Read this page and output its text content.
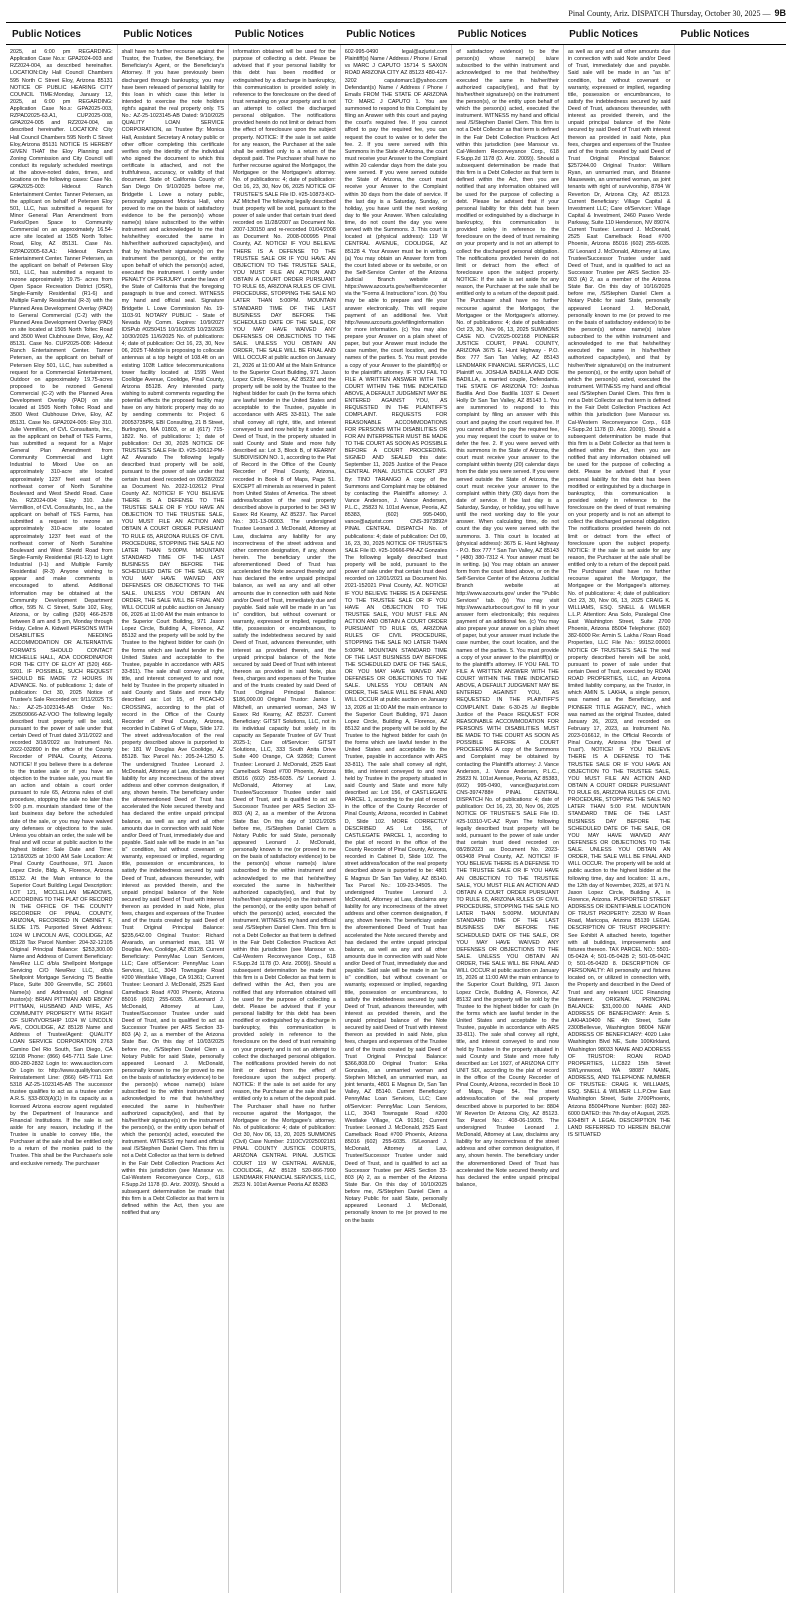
Pinal County, Ariz. DISPATCH Thursday, October 30, 2025 — 9B
Public Notices	Public Notices	Public Notices	Public Notices	Public Notices	Public Notices	Public Notices
2025, at 6:00 pm REGARDING: Application Case No.s: GPA2024-003 and RZ2024-004, as described hereinafter. LOCATION:City Hall Council Chambers 595 North C Street Eloy, Arizona 85131 NOTICE OF PUBLIC HEARING CITY COUNCIL TIME:Monday, January 12, 2025, at 6:00 pm REGARDING: Application Case No.s: GPA2025-003, RZPAD2025-63.A1, CUP2025-008, GPA2024-005 and RZ2024-004, as described hereinafter. LOCATION: City Hall Council Chambers 595 North C Street Eloy,Arizona 85131 NOTICE IS HEREBY GIVEN THAT the Eloy Planning and Zoning Commission and City Council will conduct its regularly scheduled meetings at the above-noted dates, times, and locations on the following cases: Case No. GPA2025-003: Hideout Ranch Entertainment Center. Tanner Petersen, as the applicant on behalf of Petersen Eloy 501, LLC, has submitted a request for Minor General Plan Amendment from Parks/Open Space to Community Commercial on an approximately 16.54-acre site located at 1505 North Toltec Road, Eloy, AZ 85131. Case No. RZPAD2005-63.A1: Hideout Ranch Entertainment Center. Tanner Petersen, as the applicant on behalf of Petersen Eloy 501, LLC, has submitted a request to rezone approximately 19.75- acres from Open Space Recreation District (OSR), Single-Family Residential (R1-6) and Multiple Family Residential (R-3) with the Planned Area Development Overlay (PAD) to General Commercial (C-2) with the Planned Area Development Overlay (PAD) on site located at 1505 North Toltec Road and 3500 West Clubhouse Drive, Eloy, AZ 85131. Case No. CUP2025-008: Hideout Ranch Entertainment Center. Tanner Petersen, as the applicant on behalf of Petersen Eloy 501, LLC, has submitted a request for a Commercial Entertainment, Outdoor on approximately 19.75-acres proposed to be rezoned General Commercial (C-2) with the Planned Area Development Overlay (PAD) on site located at 1505 North Toltec Road and 3500 West Clubhouse Drive, Eloy, AZ 85131. Case No. GPA2024-005: Eloy 310. Julie Vermillion, of CVL Consultants, Inc., as the applicant on behalf of TES Farms, has submitted a request for a Major General Plan Amendment from Community Commercial and Light Industrial to Mixed Use on an approximately 310-acre site located approximately 1237 feet east of the northeast corner of North Sunshine Boulevard and West Shedd Road. Case No. RZ2024-004: Eloy 310. Julie Vermillion, of CVL Consultants, Inc., as the applicant on behalf of TES Farms, has submitted a request to rezone an approximately 310-acre site located approximately 1237 feet east of the northeast corner of North Sunshine Boulevard and West Shedd Road from Single-Family Residential (R1-12) to Light Industrial (I-1) and Multiple Family Residential (R-3) Anyone wishing to appear and make comments is encouraged to attend. Additional information may be obtained at the Community Development Department office, 595 N. C Street, Suite 102, Eloy, Arizona, or by calling (520) 466-2578 between 8 am and 5 pm, Monday through Friday. Celine A. Kidwell PERSONS WITH DISABILITIES NEEDING ACCOMMODATION OR ALTERNATIVE FORMATS SHOULD CONTACT MICHELLE HALL, ADA COORDINATOR FOR THE CITY OF ELOY AT (520) 466-9201. IF POSSIBLE, SUCH REQUEST SHOULD BE MADE 72 HOURS IN ADVANCE. No. of publications: 1; date of publication: Oct 30, 2025 Notice of Trustee's Sale Recorded on: 9/11/2025 TS No.: AZ-25-1023145-AB Order No.: 250509066-AZ-VOO The following legally described trust property will be sold, pursuant to the power of sale under that certain Deed of Trust dated 3/11/2022 and recorded 3/18/2022 as Instrument No. 2022-032890 in the office of the County Recorder of PINAL County, Arizona. NOTICE! If you believe there is a defense to the trustee sale or if you have an objection to the trustee sale, you must file an action and obtain a court order pursuant to rule 65, Arizona rules of civil procedure, stopping the sale no later than 5:00 p.m. mountain standard time of the last business day before the scheduled date of the sale, or you may have waived any defenses or objections to the sale. Unless you obtain an order, the sale will be final and will occur at public auction to the highest bidder: Sale Date and Time: 12/18/2025 at 10:00 AM Sale Location: At Pinal County Courthouse, 971 Jason Lopez Circle, Bldg. A, Florence, Arizona 85132. At the Main entrance to the Superior Court Building Legal Description: LOT 121, MCCLELLAN MEADOWS, ACCORDING TO THE PLAT OF RECORD IN THE OFFICE OF THE COUNTY RECORDER OF PINAL COUNTY, ARIZONA, RECORDED IN CABINET F, SLIDE 175. Purported Street Address: 1024 W LINCOLN AVE, COOLIDGE, AZ 85128 Tax Parcel Number: 204-32-12105 Original Principal Balance: $253,300.00 Name and Address of Current Beneficiary: NewRez LLC d/b/a Shellpoint Mortgage Servicing C/O NewRez LLC, d/b/a Shellpoint Mortgage Servicing 75 Beattie Place, Suite 300 Greenville, SC 29601 Name(s) and Address(s) of Original trustor(s): BRIAN PITTMAN AND EBONY PITTMAN, HUSBAND AND WIFE, AS COMMUNITY PROPERTY WITH RIGHT OF SURVIVORSHIP 1024 W LINCOLN AVE, COOLIDGE, AZ 85128 Name and Address of Trustee/Agent: QUALITY LOAN SERVICE CORPORATION 2763 Camino Del Rio South, San Diego, CA 92108 Phone: (866) 645-7711 Sale Line: 800-280-2832 Login to: www.auction.com Or Login to: http://www.qualityloan.com Reinstatement Line: (866) 645-7711 Ext 5318 AZ-25-1023145-AB The successor trustee qualifies to act as a trustee under A.R.S. §33-803(A)(1) in its capacity as a licensed Arizona escrow agent regulated by the Department of Insurance and Financial Institutions. If the sale is set aside for any reason, including if the Trustee is unable to convey title, the Purchaser at the sale shall be entitled only to a return of the monies paid to the Trustee. This shall be the Purchaser's sole and exclusive remedy. The purchaser
shall have no further recourse against the Trustor, the Trustee, the Beneficiary, the Beneficiary's Agent, or the Beneficiary's Attorney. If you have previously been discharged through bankruptcy, you may have been released of personal liability for this loan in which case this letter is intended to exercise the note holders right's against the real property only. TS No.: AZ-25-1023145-AB Dated: 9/10/2025 QUALITY LOAN SERVICE CORPORATION, as Trustee By: Monica Hall, Assistant Secretary A notary public or other officer completing this certificate verifies only the identity of the individual who signed the document to which this certificate is attached, and not the truthfulness, accuracy, or validity of that document. State of: California County of: San Diego On 9/10/2025 before me, Bridgette L Lowe a notary public, personally appeared Monica Hall, who proved to me on the basis of satisfactory evidence to be the person(s) whose name(s) is/are subscribed to the within instrument and acknowledged to me that he/she/they executed the same in his/her/their authorized capacity(ies), and that by his/her/their signature(s) on the instrument the person(s), or the entity upon behalf of which the person(s) acted, executed the instrument. I certify under PENALTY OF PERJURY under the laws of the State of California that the foregoing paragraph is true and correct. WITNESS my hand and official seal. Signature Bridgette L Lowe Commission No. 19-1103-91 NOTARY PUBLIC - State of Nevada My Comm. Expires: 10/9/2027 IDSPub #0250415 10/16/2025 10/23/2025 10/30/2025 11/6/2025 No. of publications: 4; date of publication: Oct 16, 23, 30, Nov 06, 2025 T-Mobile is proposing to collocate antennas at a top height of 108.4ft on an existing 103ft Lattice telecommunications tower facility located at 1595 West Coolidge Avenue, Coolidge, Pinal County, Arizona 85128. Any interested party wishing to submit comments regarding the potential effects the proposed facility may have on any historic property may do so by sending comments to: Project 6 20053735PR, EBI Consulting, 21 B Street, Burlington, MA 01803, or at (617) 715-1822. No. of publications: 1; date of publication: Oct 30, 2025 NOTICE OF TRUSTEE'S SALE File ID. #25-10612-PM-AZ Alvarado The following legally described trust property will be sold, pursuant to the power of sale under that certain trust deed recorded on 09/28/2022 as Document No. 2022-102612 Pinal County AZ. NOTICE! IF YOU BELIEVE THERE IS A DEFENSE TO THE TRUSTEE SALE OR IF YOU HAVE AN OBJECTION TO THE TRUSTEE SALE, YOU MUST FILE AN ACTION AND OBTAIN A COURT ORDER PURSUANT TO RULE 65, ARIZONA RULES OF CIVIL PROCEDURE, STOPPING THE SALE NO LATER THAN 5:00PM. MOUNTAIN STANDARD TIME OF THE LAST BUSINESS DAY BEFORE THE SCHEDULED DATE OF THE SALE, OR YOU MAY HAVE WAIVED ANY DEFENSES OR OBJECTIONS TO THE SALE. UNLESS YOU OBTAIN AN ORDER, THE SALE WILL BE FINAL AND WILL OCCUR at public auction on January 06, 2026 at 11:00 AM the main entrance to the Superior Court Building, 971 Jason Lopez Circle, Building A, Florence, AZ 85132 and the property will be sold by the Trustee to the highest bidder for cash (in the forms which are lawful tender in the United States and acceptable to the Trustee, payable in accordance with ARS 33-811). The sale shall convey all right, title, and interest conveyed to and now held by Trustee in the property situated in said County and State and more fully described as: Lot 15, of PICACHO CROSSING, according to the plat of record in the Office of the County Recorder of Pinal County, Arizona, recorded in Cabinet G of Maps, Slide 172. The street address/location of the real property described above is purported to be: 181 W Douglas Ave Coolidge, AZ 85128. Tax Parcel No.: 205-24-1250 5. The undersigned Trustee Leonard J. McDonald, Attorney at Law, disclaims any liability for any incorrectness of the street address and other common designation, if any, shown herein. The beneficiary under the aforementioned Deed of Trust has accelerated the Note secured thereby and has declared the entire unpaid principal balance, as well as any and all other amounts due in connection with said Note and/or Deed of Trust, immediately due and payable. Said sale will be made in an "as is" condition, but without covenant or warranty, expressed or implied, regarding title, possession or encumbrances, to satisfy the indebtedness secured by said Deed of Trust, advances thereunder, with interest as provided therein, and the unpaid principal balance of the Note secured by said Deed of Trust with interest thereon as provided in said Note, plus fees, charges and expenses of the Trustee and of the trusts created by said Deed of Trust Original Principal Balance: $235,642.00 Original Trustor: Richard Alvarado, an unmarried man, 181 W Douglas Ave, Coolidge, AZ 85128. Current Beneficiary: PennyMac Loan Services, LLC; Care of/Servicer: PennyMac Loan Services, LLC, 3043 Townsgate Road #200 Westlake Village, CA 91361; Current Trustee: Leonard J. McDonald, 2525 East Camelback Road #700 Phoenix, Arizona 85016 (602) 255-6035. /S/Leonard J. McDonald, Attorney at Law, Trustee/Successor Trustee under said Deed of Trust, and is qualified to act as Successor Trustee per ARS Section 33-803 (A) 2, as a member of the Arizona State Bar. On this day of 10/03/2025 before me, /S/Stephen Daniel Clem a Notary Public for said State, personally appeared Leonard J. McDonald, personally known to me (or proved to me on the basis of satisfactory evidence) to be the person(s) whose name(s) is/are subscribed to the within instrument and acknowledged to me that he/she/they executed the same in his/her/their authorized capacity(ies), and that by his/her/their signature(s) on the instrument the person(s), or the entity upon behalf of which the person(s) acted, executed the instrument. WITNESS my hand and official seal /S/Stephen Daniel Clem. This firm is not a Debt Collector as that term is defined in the Fair Debt Collection Practices Act within this jurisdiction (see Mansour vs. Cal-Western Reconveyance Corp., 618 F.Supp.2d 1178 (D. Ariz. 2009)). Should a subsequent determination be made that this firm is a Debt Collector as that term is defined within the Act, then you are notified that any
information obtained will be used for the purpose of collecting a debt. Please be advised that if your personal liability for this debt has been modified or extinguished by a discharge in bankruptcy, this communication is provided solely in reference to the foreclosure on the deed of trust remaining on your property and is not an attempt to collect the discharged personal obligation. The notifications provided herein do not limit or detract from the effect of foreclosure upon the subject property. NOTICE: If the sale is set aside for any reason, the Purchaser at the sale shall be entitled only to a return of the deposit paid. The Purchaser shall have no further recourse against the Mortgagor, the Mortgagee or the Mortgagee's attorney. No. of publications: 4; date of publication: Oct 16, 23, 30, Nov 06, 2025 NOTICE OF TRUSTEE'S SALE File ID. #25-10873-KO-AZ Mitchell The following legally described trust property will be sold, pursuant to the power of sale under that certain trust deed recorded on 11/28/2007 as Document No. 2007-130150 and re-recorded 01/04/2008 as Document No. 2008-000995 Pinal County, AZ. NOTICE! IF YOU BELIEVE THERE IS A DEFENSE TO THE TRUSTEE SALE OR IF YOU HAVE AN OBJECTION TO THE TRUSTEE SALE, YOU MUST FILE AN ACTION AND OBTAIN A COURT ORDER PURSUANT TO RULE 65, ARIZONA RULES OF CIVIL PROCEDURE, STOPPING THE SALE NO LATER THAN 5:00PM. MOUNTAIN STANDARD TIME OF THE LAST BUSINESS DAY BEFORE THE SCHEDULED DATE OF THE SALE, OR YOU MAY HAVE WAIVED ANY DEFENSES OR OBJECTIONS TO THE SALE. UNLESS YOU OBTAIN AN ORDER, THE SALE WILL BE FINAL AND WILL OCCUR at public auction on January 21, 2026 at 11:00 AM at the Main Entrance to the Superior Court Building, 971 Jason Lopez Circle, Florence, AZ 85232 and the property will be sold by the Trustee to the highest bidder for cash (in the forms which are lawful tender in the United States and acceptable to the Trustee, payable in accordance with ARS 33-811). The sale shall convey all right, title, and interest conveyed to and now held by it under said Deed of Trust, in the property situated in said County and State and more fully described as: Lot 3, Block B, of KEARNY SUBDIVISION NO. 1, according to the Plat of Record in the Office of the County Recorder of Pinal County, Arizona, recorded in Book 8 of Maps, Page 51. EXCEPT all minerals as reserved in patent from United States of America. The street address/location of the real property described above is purported to be: 343 W Essex Rd Kearny, AZ 85237. Tax Parcel No.: 301-13-06003. The undersigned Trustee Leonard J. McDonald, Attorney at Law, disclaims any liability for any incorrectness of the street address and other common designation, if any, shown herein. The beneficiary under the aforementioned Deed of Trust has accelerated the Note secured thereby and has declared the entire unpaid principal balance, as well as any and all other amounts due in connection with said Note and/or Deed of Trust, immediately due and payable. Said sale will be made in an "as is" condition, but without covenant or warranty, expressed or implied, regarding title, possession or encumbrances, to satisfy the indebtedness secured by said Deed of Trust, advances thereunder, with interest as provided therein, and the unpaid principal balance of the Note secured by said Deed of Trust with interest thereon as provided in said Note, plus fees, charges and expenses of the Trustee and of the trusts created by said Deed of Trust Original Principal Balance: $186,000.00 Original Trustor: Janice L Mitchell, an unmarried woman, 343 W Essex Rd Kearny, AZ 85237. Current Beneficiary: GITSIT Solutions, LLC, not in its individual capacity but solely in its capacity as Separate Trustee of GV Trust 2025-1; Care of/Servicer: GITSIT Solutions, LLC, 333 South Anita Drive Suite 400 Orange, CA 92868; Current Trustee: Leonard J. McDonald, 2525 East Camelback Road #700 Phoenix, Arizona 85016 (602) 255-6035. /S/ Leonard J. McDonald, Attorney at Law, Trustee/Successor Trustee under said Deed of Trust, and is qualified to act as Successor Trustee per ARS Section 33-803 (A) 2, as a member of the Arizona State Bar. On this day of 10/21/2025 before me, /S/Stephen Daniel Clem a Notary Public for said State, personally appeared Leonard J. McDonald, personally known to me (or proved to me on the basis of satisfactory evidence) to be the person(s) whose name(s) is/are subscribed to the within instrument and acknowledged to me that he/she/they executed the same in his/her/their authorized capacity(ies), and that by his/her/their signature(s) on the instrument the person(s), or the entity upon behalf of which the person(s) acted, executed the instrument. WITNESS my hand and official seal /S/Stephen Daniel Clem. This firm is not a Debt Collector as that term is defined in the Fair Debt Collection Practices Act within this jurisdiction (see Mansour vs. Cal-Western Reconveyance Corp., 618 F.Supp.2d 1178 (D. Ariz. 2009)). Should a subsequent determination be made that this firm is a Debt Collector as that term is defined within the Act, then you are notified that any information obtained will be used for the purpose of collecting a debt. Please be advised that if your personal liability for this debt has been modified or extinguished by a discharge in bankruptcy, this communication is provided solely in reference to the foreclosure on the deed of trust remaining on your property and is not an attempt to collect the discharged personal obligation. The notifications provided herein do not limit or detract from the effect of foreclosure upon the subject property. NOTICE: If the sale is set aside for any reason, the Purchaser at the sale shall be entitled only to a return of the deposit paid. The Purchaser shall have no further recourse against the Mortgagor, the Mortgagee or the Mortgagee's attorney. No. of publications: 4; date of publication: Oct 30, Nov 06, 13, 20, 2025 SUMMONS (Civil) Case Number: 2110CV2025002181 PINAL COUNTY JUSTICE COURTS, ARIZONA CENTRAL PINAL JUSTICE COURT 119 W CENTRAL AVENUE, COOLIDGE, AZ 85128 520-866-7900 LENDMARK FINANCIAL SERVICES, LLC, 2523 N. 101st Avenue Peoria AZ 85383
602-995-0490 legal@azjurist.com Plaintiff(s) Name / Address / Phone / Email vs MARC J CAPUTO 15714 S SAXON ROAD ARIZONA CITY AZ 85123 480-417-3202 caputomarc1@yahoo.com Defendant(s) Name / Address / Phone / Emails FROM THE STATE OF ARIZONA TO: MARC J CAPUTO 1. You are summoned to respond to this Complaint by filing an Answer with this court and paying the court's required fee. If you cannot afford to pay the required fee, you can request the court to waive or to defer the fee. 2. If you were served with this Summons in the State of Arizona, the court must receive your Answer to the Complaint within 20 calendar days from the date you were served. If you were served outside the State of Arizona, the court must receive your Answer to the Complaint within 30 days from the date of service. If the last day is a Saturday, Sunday, or holiday, you have until the next working day to file your Answer. When calculating time, do not count the day you were served with the Summons. 3. This court is located at (physical address): 119 W CENTRAL AVENUE, COOLIDGE, AZ 85128 4. Your Answer must be in writing. (a) You may obtain an Answer form from the court listed above or its website, or on the Self-Service Center of the Arizona Judicial Branch website at https://www.azcourts.gov/selfservicecenter via the "Forms & Instructions" icon. (b) You may be able to prepare and file your answer electronically. This will require payment of an additional fee. Visit http://www.azcourts.gov/efilinginformation for more information. (c) You may also prepare your Answer on a plain sheet of paper, but your Answer must include the case number, the court location, and the names of the parties. 5. You must provide a copy of your Answer to the plaintiff(s) or to the plaintiff's attorney. IF YOU FAIL TO FILE A WRITTEN ANSWER WITH THE COURT WITHIN THE TIME INDICATED ABOVE, A DEFAULT JUDGMENT MAY BE ENTERED AGAINST YOU, AS REQUESTED IN THE PLAINTIFF'S COMPLAINT. REQUESTS FOR REASONABLE ACCOMMODATIONS FOR PERSONS WITH DISABILITIES OR FOR AN INTERPRETER MUST BE MADE TO THE COURT AS SOON AS POSSIBLE BEFORE A COURT PROCEEDING. SIGNED AND SEALED this date: September 11, 2025 Justice of the Peace CENTRAL PINAL JUSTICE COURT JP3 By: TINO TARANGO A copy of the Summons and Complaint may be obtained by contacting the Plaintiff's attorney: J. Vance Anderson, J. Vance Andersen, P.L.C., 25823 N. 101st Avenue, Peoria, AZ 85383, (602) 995-0490, vance@azjurist.com CNS-3973892# PINAL CENTRAL DISPATCH No. of publications: 4; date of publication: Oct 09, 16, 23, 30, 2025 NOTICE OF TRUSTEE'S SALE File ID. #25-10666-PM-AZ Gonzales The following legally described trust property will be sold, pursuant to the power of sale under that certain trust deed recorded on 12/01/2021 as Document No. 2021-152021 Pinal County, AZ. NOTICE! IF YOU BELIEVE THERE IS A DEFENSE TO THE TRUSTEE SALE OR IF YOU HAVE AN OBJECTION TO THE TRUSTEE SALE, YOU MUST FILE AN ACTION AND OBTAIN A COURT ORDER PURSUANT TO RULE 65, ARIZONA RULES OF CIVIL PROCEDURE, STOPPING THE SALE NO LATER THAN 5:00PM. MOUNTAIN STANDARD TIME OF THE LAST BUSINESS DAY BEFORE THE SCHEDULED DATE OF THE SALE, OR YOU MAY HAVE WAIVED ANY DEFENSES OR OBJECTIONS TO THE SALE. UNLESS YOU OBTAIN AN ORDER, THE SALE WILL BE FINAL AND WILL OCCUR at public auction on January 13, 2026 at 11:00 AM the main entrance to the Superior Court Building, 971 Jason Lopez Circle, Building A, Florence, AZ 85132 and the property will be sold by the Trustee to the highest bidder for cash (in the forms which are lawful tender in the United States and acceptable to the Trustee, payable in accordance with ARS 33-811). The sale shall convey all right, title, and interest conveyed to and now held by Trustee in the property situated in said County and State and more fully described as: Lot 156, of CASTLEGATE PARCEL 1, according to the plat of record in the office of the County Recorder of Pinal County, Arizona, recorded in Cabinet D, Slide 102. MORE CORRECTLY DESCRIBED AS Lot 156, of CASTLEGATE PARCEL 1, according to the plat of record in the office of the County Recorder of Pinal County, Arizona, recorded in Cabinet D, Slide 102. The street address/location of the real property described above is purported to be: 4801 E Magnus Dr San Tan Valley, AZ 85140. Tax Parcel No.: 109-23-34505. The undersigned Trustee Leonard J. McDonald, Attorney at Law, disclaims any liability for any incorrectness of the street address and other common designation, if any, shown herein. The beneficiary under the aforementioned Deed of Trust has accelerated the Note secured thereby and has declared the entire unpaid principal balance, as well as any and all other amounts due in connection with said Note and/or Deed of Trust, immediately due and payable. Said sale will be made in an "as is" condition, but without covenant or warranty, expressed or implied, regarding title, possession or encumbrances, to satisfy the indebtedness secured by said Deed of Trust, advances thereunder, with interest as provided therein, and the unpaid principal balance of the Note secured by said Deed of Trust with interest thereon as provided in said Note, plus fees, charges and expenses of the Trustee and of the trusts created by said Deed of Trust Original Principal Balance: $366,808.00 Original Trustor: Erika Gonzales, an unmarried woman and Stephen Mitchell, an unmarried man, as joint tenants, 4801 E Magnus Dr, San Tan Valley, AZ 85140. Current Beneficiary: PennyMac Loan Services, LLC; Care of/Servicer: PennyMac Loan Services, LLC, 3043 Townsgate Road #200 Westlake Village, CA 91361; Current Trustee: Leonard J. McDonald, 2525 East Camelback Road #700 Phoenix, Arizona 85016 (602) 255-6035. /S/Leonard J. McDonald, Attorney at Law, Trustee/Successor Trustee under said Deed of Trust, and is qualified to act as Successor Trustee per ARS Section 33-803 (A) 2, as a member of the Arizona State Bar. On this day of 10/10/2025 before me, /S/Stephen Daniel Clem a Notary Public for said State, personally appeared Leonard J. McDonald, personally known to me (or proved to me on the basis
of satisfactory evidence) to be the person(s) whose name(s) is/are subscribed to the within instrument and acknowledged to me that he/she/they executed the same in his/her/their authorized capacity(ies), and that by his/her/their signature(s) on the instrument the person(s), or the entity upon behalf of which the person(s) acted, executed the instrument. WITNESS my hand and official seal /S/Stephen Daniel Clem. This firm is not a Debt Collector as that term is defined in the Fair Debt Collection Practices Act within this jurisdiction (see Mansour vs. Cal-Western Reconveyance Corp., 618 F.Supp.2d 1178 (D. Ariz. 2009)). Should a subsequent determination be made that this firm is a Debt Collector as that term is defined within the Act, then you are notified that any information obtained will be used for the purpose of collecting a debt. Please be advised that if your personal liability for this debt has been modified or extinguished by a discharge in bankruptcy, this communication is provided solely in reference to the foreclosure on the deed of trust remaining on your property and is not an attempt to collect the discharged personal obligation. The notifications provided herein do not limit or detract from the effect of foreclosure upon the subject property. NOTICE: If the sale is set aside for any reason, the Purchaser at the sale shall be entitled only to a return of the deposit paid. The Purchaser shall have no further recourse against the Mortgagor, the Mortgagee or the Mortgagee's attorney. No. of publications: 4; date of publication: Oct 23, 30, Nov 06, 13, 2025 SUMMONS CASE NO. CV2025-002168 PIONEER JUSTICE COURT, PINAL COUNTY, ARIZONA 3675 E. Hunt Highway - P.O. Box 777 San Tan Valley, AZ 85143 LENDMARK FINANCIAL SERVICES, LLC Plaintiff vs. JOSHUA BADILLA AND DOE BADILLA, a married couple, Defendants. THE STATE OF ARIZONA TO: Joshua Badilla And Doe Badilla 1037 E Desert Holly Dr San Tan Valley, AZ 85143 1. You are summoned to respond to this complaint by filing an answer with this court and paying the court required fee. If you cannot afford to pay the required fee, you may request the court to waive or to defer the fee. 2. If you were served with this summons in the State of Arizona, the court must receive your answer to the complaint within twenty (20) calendar days from the date you were served. If you were served outside the State of Arizona, the court must receive your answer to the complaint within thirty (30) days from the date of service. If the last day is a Saturday, Sunday, or holiday, you will have until the next working day to file your answer. When calculating time, do not count the day you were served with the summons. 3. This court is located at (physical address): 3675 E. Hunt Highway - P.O. Box 777 * San Tan Valley, AZ 85143 * (480) 380-7312 4. Your answer must be in writing. (a) You may obtain an answer form from the court listed above, or on the Self-Service Center of the Arizona Judicial Branch website at http://www.azcourts.gov/ under the "Public Services" tab. (b) You may visit http://www.azturbocourt.gov/ to fill in your answer form electronically; this requires payment of an additional fee. (c) You may also prepare your answer on a plain sheet of paper, but your answer must include the case number, the court location, and the names of the parties. 5. You must provide a copy of your answer to the plaintiff(s) or to the plaintiff's attorney. IF YOU FAIL TO FILE A WRITTEN ANSWER WITH THE COURT WITHIN THE TIME INDICATED ABOVE, A DEFAULT JUDGMENT MAY BE ENTERED AGAINST YOU, AS REQUESTED IN THE PLAINTIFF'S COMPLAINT. Date: 6-30-25 /s/ illegible Justice of the Peace REQUEST FOR REASONABLE ACCOMMODATION FOR PERSONS WITH DISABILITIES MUST BE MADE TO THE COURT AS SOON AS POSSIBLE BEFORE A COURT PROCEEDING A copy of the Summons and Complaint may be obtained by contacting the Plaintiff's attorney: J. Vance Anderson, J. Vance Andersen, P.L.C., 25823 N. 101st Avenue, Peoria, AZ 85383, (602) 995-0490, vance@azjurist.com CNS-3974788# PINAL CENTRAL DISPATCH No. of publications: 4; date of publication: Oct 16, 23, 30, Nov 06, 2025 NOTICE OF TRUSTEE'S SALE File ID. #25-10310-VC-AZ Ryan The following legally described trust property will be sold, pursuant to the power of sale under that certain trust deed recorded on 08/28/2023 as Document No. 2023-063408 Pinal County, AZ. NOTICE! IF YOU BELIEVE THERE IS A DEFENSE TO THE TRUSTEE SALE OR IF YOU HAVE AN OBJECTION TO THE TRUSTEE SALE, YOU MUST FILE AN ACTION AND OBTAIN A COURT ORDER PURSUANT TO RULE 65, ARIZONA RULES OF CIVIL PROCEDURE, STOPPING THE SALE NO LATER THAN 5:00PM. MOUNTAIN STANDARD TIME OF THE LAST BUSINESS DAY BEFORE THE SCHEDULED DATE OF THE SALE, OR YOU MAY HAVE WAIVED ANY DEFENSES OR OBJECTIONS TO THE SALE. UNLESS YOU OBTAIN AN ORDER, THE SALE WILL BE FINAL AND WILL OCCUR at public auction on January 15, 2026 at 11:00 AM the main entrance to the Superior Court Building, 971 Jason Lopez Circle, Building A, Florence, AZ 85132 and the property will be sold by the Trustee to the highest bidder for cash (in the forms which are lawful tender in the United States and acceptable to the Trustee, payable in accordance with ARS 33-811). The sale shall convey all right, title, and interest conveyed to and now held by Trustee in the property situated in said County and State and more fully described as: Lot 1927, of ARIZONA CITY UNIT SIX, according to the plat of record in the office of the County Recorder of Pinal County, Arizona, recorded in Book 10 of Maps, Page 54.. The street address/location of the real property described above is purported to be: 8804 W Reverton Dr Arizona City, AZ 85123. Tax Parcel No.: 408-06-19005. The undersigned Trustee Leonard J. McDonald, Attorney at Law, disclaims any liability for any incorrectness of the street address and other common designation, if any, shown herein. The beneficiary under the aforementioned Deed of Trust has accelerated the Note secured thereby and has declared the entire unpaid principal balance,
as well as any and all other amounts due in connection with said Note and/or Deed of Trust, immediately due and payable. Said sale will be made in an "as is" condition, but without covenant or warranty, expressed or implied, regarding title, possession or encumbrances, to satisfy the indebtedness secured by said Deed of Trust, advances thereunder, with interest as provided therein, and the unpaid principal balance of the Note secured by said Deed of Trust with interest thereon as provided in said Note, plus fees, charges and expenses of the Trustee and of the trusts created by said Deed of Trust Original Principal Balance: $257244.00 Original Trustor: William Ryan, an unmarried man, and Brianne Mausewein, an unmarried woman, as joint tenants with right of survivorship, 8784 W Reverton Dr, Arizona City, AZ 85123. Current Beneficiary: Village Capital & Investment LLC; Care of/Servicer: Village Capital & Investment, 2460 Paseo Verde Parkway, Suite 110 Henderson, NV 89074. Current Trustee: Leonard J. McDonald, 2525 East Camelback Road #700 Phoenix, Arizona 85016 (602) 255-6035. /S/ Leonard J. McDonald, Attorney at Law, Trustee/Successor Trustee under said Deed of Trust, and is qualified to act as Successor Trustee per ARS Section 33-803 (A) 2, as a member of the Arizona State Bar. On this day of 10/16/2025 before me, /S/Stephen Daniel Clem a Notary Public for said State, personally appeared Leonard J. McDonald, personally known to me (or proved to me on the basis of satisfactory evidence) to be the person(s) whose name(s) is/are subscribed to the within instrument and acknowledged to me that he/she/they executed the same in his/her/their authorized capacity(ies), and that by his/her/their signature(s) on the instrument the person(s), or the entity upon behalf of which the person(s) acted, executed the instrument. WITNESS my hand and official seal /S/Stephen Daniel Clem. This firm is not a Debt Collector as that term is defined in the Fair Debt Collection Practices Act within this jurisdiction (see Mansour vs. Cal-Western Reconveyance Corp., 618 F.Supp.2d 1178 (D. Ariz. 2009)). Should a subsequent determination be made that this firm is a Debt Collector as that term is defined within the Act, then you are notified that any information obtained will be used for the purpose of collecting a debt. Please be advised that if your personal liability for this debt has been modified or extinguished by a discharge in bankruptcy, this communication is provided solely in reference to the foreclosure on the deed of trust remaining on your property and is not an attempt to collect the discharged personal obligation. The notifications provided herein do not limit or detract from the effect of foreclosure upon the subject property. NOTICE: If the sale is set aside for any reason, the Purchaser at the sale shall be entitled only to a return of the deposit paid. The Purchaser shall have no further recourse against the Mortgagor, the Mortgagee or the Mortgagee's attorney. No. of publications: 4; date of publication: Oct 23, 30, Nov 06, 13, 2025 CRAIG K. WILLIAMS, ESQ. SNELL & WILMER L.L.P. Attention: Ana Solo, Paralegal One East Washington Street, Suite 2700 Phoenix, Arizona 85004 Telephone: (602) 382-6000 Re: Armin S. Lakha / Roan Road Properties, LLC File No.: 99152.00001 NOTICE OF TRUSTEE'S SALE The real property described herein will be sold, pursuant to power of sale under that certain Deed of Trust, executed by ROAN ROAD PROPERTIES, LLC, an Arizona limited liability company, as the Trustor, in which AMIN S. LAKHA, a single person, was named as the Beneficiary, and PIONEER TITLE AGENCY, INC., which was named as the original Trustee, dated January 26, 2023, and recorded on February 17, 2023, as Instrument No. 2023-016612, in the Official Records of Pinal County, Arizona (the "Deed of Trust"). NOTICE! IF YOU BELIEVE THERE IS A DEFENSE TO THE TRUSTEE SALE OR IF YOU HAVE AN OBJECTION TO THE TRUSTEE SALE, YOU MUST FILE AN ACTION AND OBTAIN A COURT ORDER PURSUANT TO RULE 65, ARIZONA RULES OF CIVIL PROCEDURE, STOPPING THE SALE NO LATER THAN 5:00 P.M. MOUNTAIN STANDARD TIME OF THE LAST BUSINESS DAY BEFORE THE SCHEDULED DATE OF THE SALE, OR YOU MAY HAVE WAIVED ANY DEFENSES OR OBJECTIONS TO THE SALE. UNLESS YOU OBTAIN AN ORDER, THE SALE WILL BE FINAL AND WILL OCCUR. The property will be sold at public auction to the highest bidder at the following time, day and location: 11 a.m., the 12th day of November, 2025, at 971 N. Jason Lopez Circle, Building A, in Florence, Arizona. PURPORTED STREET ADDRESS OR IDENTIFIABLE LOCATION OF TRUST PROPERTY: 22530 W Roan Road, Maricopa, Arizona 85139 LEGAL DESCRIPTION OF TRUST PROPERTY: See Exhibit A attached hereto, together with all buildings, improvements and fixtures thereon. TAX PARCEL NO.: 5501-05-042A 4; 501-05-042B 2; 501-05-042C 0; 501-05-042D 8. DESCRIPTION OF PERSONALTY: All personalty and fixtures located on, or utilized in connection with, the Property and described in the Deed of Trust and any relevant UCC Financing Statement. ORIGINAL PRINCIPAL BALANCE: $31,000.00 NAME AND ADDRESS OF BENEFICIARY: Amin S. LAKHA10400 NE 4th Street, Suite 2300Bellevue, Washington 98004 NEW ADDRESS OF BENEFICIARY: 4020 Lake Washington Blvd NE, Suite 100Kirkland, Washington 98033 NAME AND ADDRESS OF TRUSTOR: ROAN ROAD PROPERTIES, LLC822 15th Street SWLynnwood, WA 98087 NAME, ADDRESS, AND TELEPHONE NUMBER OF TRUSTEE: CRAIG K. WILLIAMS, ESQ. SNELL & WILMER L.L.P.One East Washington Street, Suite 2700Phoenix, Arizona 85004Phone Number: (602) 382-6000 DATED: this 7th day of August, 2025. EXHIBIT A LEGAL DESCRIPTION THE LAND REFERRED TO HEREIN BELOW IS SITUATED
